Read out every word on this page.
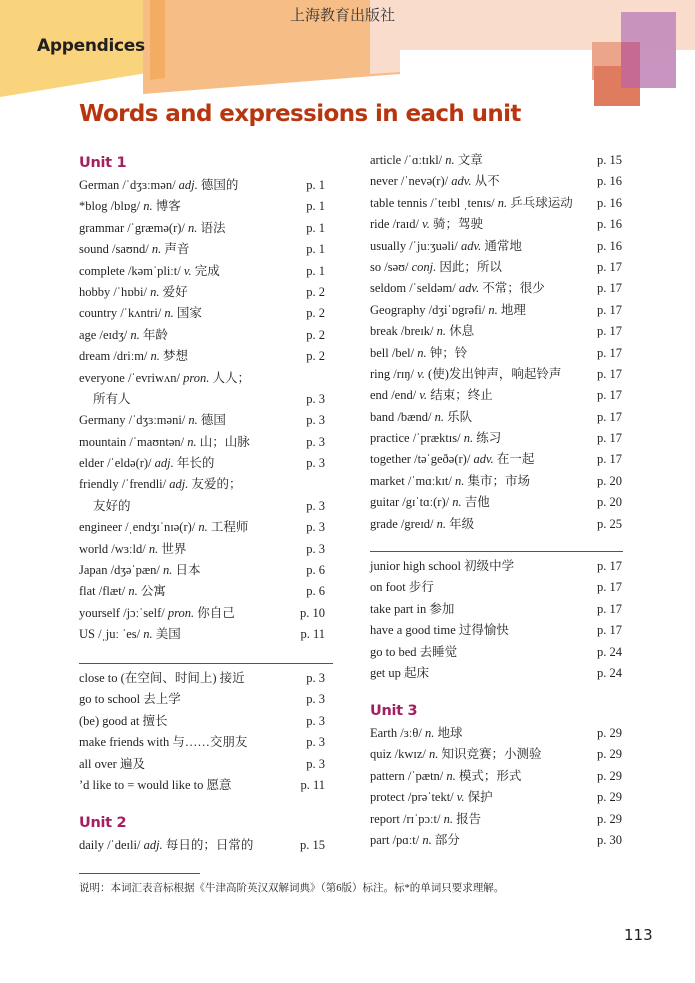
上海教育出版社
Appendices
Words and expressions in each unit
Unit 1
German /ˈdʒɜːmən/ adj. 德国的	p. 1
*blog /blɒg/ n. 博客	p. 1
grammar /ˈgræmə(r)/ n. 语法	p. 1
sound /saʊnd/ n. 声音	p. 1
complete /kəmˈpliːt/ v. 完成	p. 1
hobby /ˈhɒbi/ n. 爱好	p. 2
country /ˈkʌntri/ n. 国家	p. 2
age /eɪdʒ/ n. 年龄	p. 2
dream /driːm/ n. 梦想	p. 2
everyone /ˈevriwʌn/ pron. 人人；
所有人	p. 3
Germany /ˈdʒɜːməni/ n. 德国	p. 3
mountain /ˈmaʊntən/ n. 山；山脉	p. 3
elder /ˈeldə(r)/ adj. 年长的	p. 3
friendly /ˈfrendli/ adj. 友爱的；
友好的	p. 3
engineer /ˌendʒɪˈnɪə(r)/ n. 工程师	p. 3
world /wɜːld/ n. 世界	p. 3
Japan /dʒəˈpæn/ n. 日本	p. 6
flat /flæt/ n. 公寓	p. 6
yourself /jɔːˈself/ pron. 你自己	p. 10
US /ˌjuː ˈes/ n. 美国	p. 11
close to (在空间、时间上) 接近	p. 3
go to school 去上学	p. 3
(be) good at 擅长	p. 3
make friends with 与……交朋友	p. 3
all over 遍及	p. 3
’d like to = would like to 愿意	p. 11
Unit 2
daily /ˈdeɪli/ adj. 每日的；日常的	p. 15
article /ˈɑːtɪkl/ n. 文章	p. 15
never /ˈnevə(r)/ adv. 从不	p. 16
table tennis /ˈteɪbl ˌtenɪs/ n. 乒乓球运动 p. 16
ride /raɪd/ v. 骑；驾驶	p. 16
usually /ˈjuːʒuəli/ adv. 通常地	p. 16
so /səʊ/ conj. 因此；所以	p. 17
seldom /ˈseldəm/ adv. 不常；很少	p. 17
Geography /dʒiˈɒgrəfi/ n. 地理	p. 17
break /breɪk/ n. 休息	p. 17
bell /bel/ n. 钟；铃	p. 17
ring /rɪŋ/ v. (使)发出钟声，响起铃声	p. 17
end /end/ v. 结束；终止	p. 17
band /bænd/ n. 乐队	p. 17
practice /ˈpræktɪs/ n. 练习	p. 17
together /təˈgeðə(r)/ adv. 在一起	p. 17
market /ˈmɑːkɪt/ n. 集市；市场	p. 20
guitar /gɪˈtɑː(r)/ n. 吉他	p. 20
grade /greɪd/ n. 年级	p. 25
junior high school 初级中学	p. 17
on foot 步行	p. 17
take part in 参加	p. 17
have a good time 过得愉快	p. 17
go to bed 去睡觉	p. 24
get up 起床	p. 24
Unit 3
Earth /ɜːθ/ n. 地球	p. 29
quiz /kwɪz/ n. 知识竞赛；小测验	p. 29
pattern /ˈpætn/ n. 模式；形式	p. 29
protect /prəˈtekt/ v. 保护	p. 29
report /rɪˈpɔːt/ n. 报告	p. 29
part /pɑːt/ n. 部分	p. 30
说明：本词汇表音标根据《牛津高阶英汉双解词典》（第6版）标注。标*的单词只要求理解。
113
